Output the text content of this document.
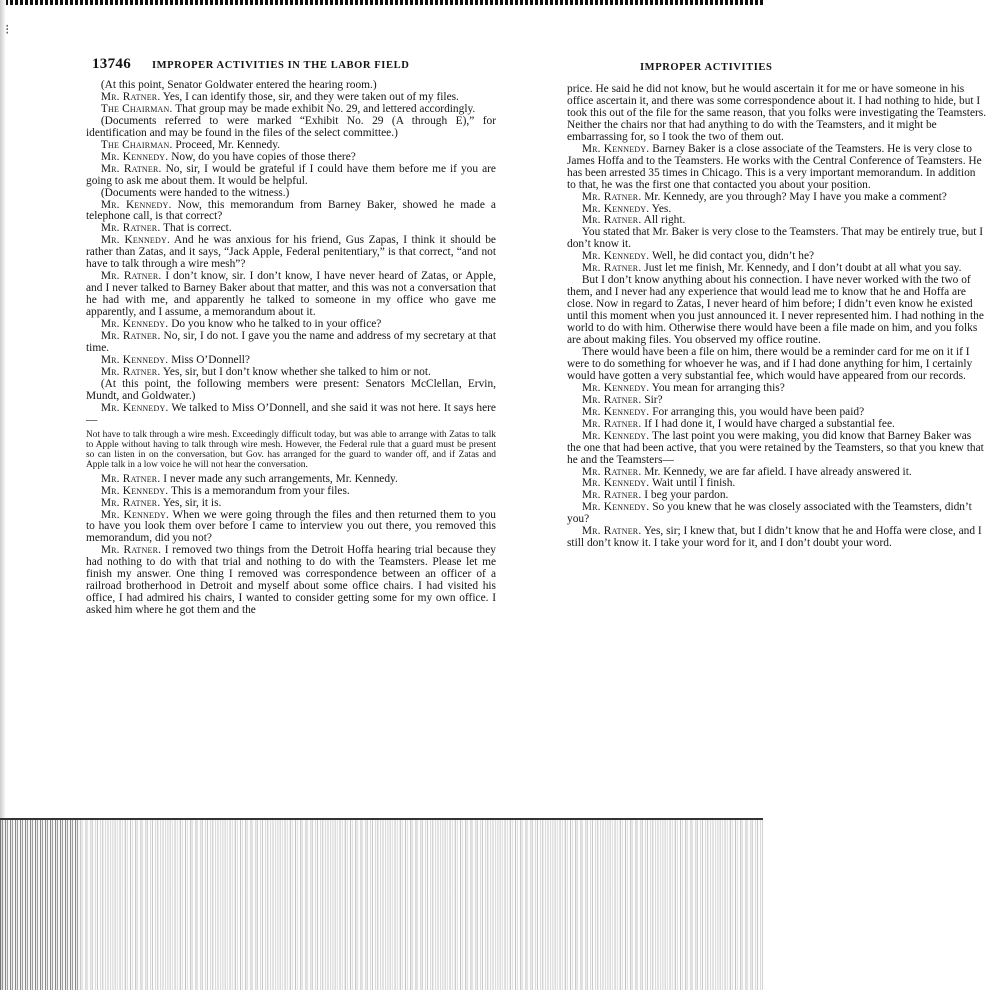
⁝
13746 IMPROPER ACTIVITIES IN THE LABOR FIELD	IMPROPER ACTIVITIES

(At this point, Senator Goldwater entered the hearing room.)

Mr. Ratner. Yes, I can identify those, sir, and they were taken out of my files.

The Chairman. That group may be made exhibit No. 29, and lettered accordingly.

(Documents referred to were marked “Exhibit No. 29 (A through E),” for identification and may be found in the files of the select committee.)

The Chairman. Proceed, Mr. Kennedy.

Mr. Kennedy. Now, do you have copies of those there?

Mr. Ratner. No, sir, I would be grateful if I could have them before me if you are going to ask me about them. It would be helpful.

(Documents were handed to the witness.)

Mr. Kennedy. Now, this memorandum from Barney Baker, showed he made a telephone call, is that correct?

Mr. Ratner. That is correct.

Mr. Kennedy. And he was anxious for his friend, Gus Zapas, I think it should be rather than Zatas, and it says, “Jack Apple, Federal penitentiary,” is that correct, “and not have to talk through a wire mesh”?

Mr. Ratner. I don’t know, sir. I don’t know, I have never heard of Zatas, or Apple, and I never talked to Barney Baker about that matter, and this was not a conversation that he had with me, and apparently he talked to someone in my office who gave me apparently, and I assume, a memorandum about it.

Mr. Kennedy. Do you know who he talked to in your office?

Mr. Ratner. No, sir, I do not. I gave you the name and address of my secretary at that time.

Mr. Kennedy. Miss O’Donnell?

Mr. Ratner. Yes, sir, but I don’t know whether she talked to him or not.

(At this point, the following members were present: Senators McClellan, Ervin, Mundt, and Goldwater.)

Mr. Kennedy. We talked to Miss O’Donnell, and she said it was not here. It says here—

Not have to talk through a wire mesh. Exceedingly difficult today, but was able to arrange with Zatas to talk to Apple without having to talk through wire mesh. However, the Federal rule that a guard must be present so can listen in on the conversation, but Gov. has arranged for the guard to wander off, and if Zatas and Apple talk in a low voice he will not hear the conversation.

Mr. Ratner. I never made any such arrangements, Mr. Kennedy.

Mr. Kennedy. This is a memorandum from your files.

Mr. Ratner. Yes, sir, it is.

Mr. Kennedy. When we were going through the files and then returned them to you to have you look them over before I came to interview you out there, you removed this memorandum, did you not?

Mr. Ratner. I removed two things from the Detroit Hoffa hearing trial because they had nothing to do with that trial and nothing to do with the Teamsters. Please let me finish my answer. One thing I removed was correspondence between an officer of a railroad brotherhood in Detroit and myself about some office chairs. I had visited his office, I had admired his chairs, I wanted to consider getting some for my own office. I asked him where he got them and the

price. He said he did not know, but he would ascertain it for me or have someone in his office ascertain it, and there was some correspondence about it. I had nothing to hide, but I took this out of the file for the same reason, that you folks were investigating the Teamsters. Neither the chairs nor that had anything to do with the Teamsters, and it might be embarrassing for, so I took the two of them out.

Mr. Kennedy. Barney Baker is a close associate of the Teamsters. He is very close to James Hoffa and to the Teamsters. He works with the Central Conference of Teamsters. He has been arrested 35 times in Chicago. This is a very important memorandum. In addition to that, he was the first one that contacted you about your position.

Mr. Ratner. Mr. Kennedy, are you through? May I have you make a comment?

Mr. Kennedy. Yes.

Mr. Ratner. All right.

You stated that Mr. Baker is very close to the Teamsters. That may be entirely true, but I don’t know it.

Mr. Kennedy. Well, he did contact you, didn’t he?

Mr. Ratner. Just let me finish, Mr. Kennedy, and I don’t doubt at all what you say.

But I don’t know anything about his connection. I have never worked with the two of them, and I never had any experience that would lead me to know that he and Hoffa are close. Now in regard to Zatas, I never heard of him before; I didn’t even know he existed until this moment when you just announced it. I never represented him. I had nothing in the world to do with him. Otherwise there would have been a file made on him, and you folks are about making files. You observed my office routine.

There would have been a file on him, there would be a reminder card for me on it if I were to do something for whoever he was, and if I had done anything for him, I certainly would have gotten a very substantial fee, which would have appeared from our records.

Mr. Kennedy. You mean for arranging this?

Mr. Ratner. Sir?

Mr. Kennedy. For arranging this, you would have been paid?

Mr. Ratner. If I had done it, I would have charged a substantial fee.

Mr. Kennedy. The last point you were making, you did know that Barney Baker was the one that had been active, that you were retained by the Teamsters, so that you knew that he and the Teamsters—

Mr. Ratner. Mr. Kennedy, we are far afield. I have already answered it.

Mr. Kennedy. Wait until I finish.

Mr. Ratner. I beg your pardon.

Mr. Kennedy. So you knew that he was closely associated with the Teamsters, didn’t you?

Mr. Ratner. Yes, sir; I knew that, but I didn’t know that he and Hoffa were close, and I still don’t know it. I take your word for it, and I don’t doubt your word.
